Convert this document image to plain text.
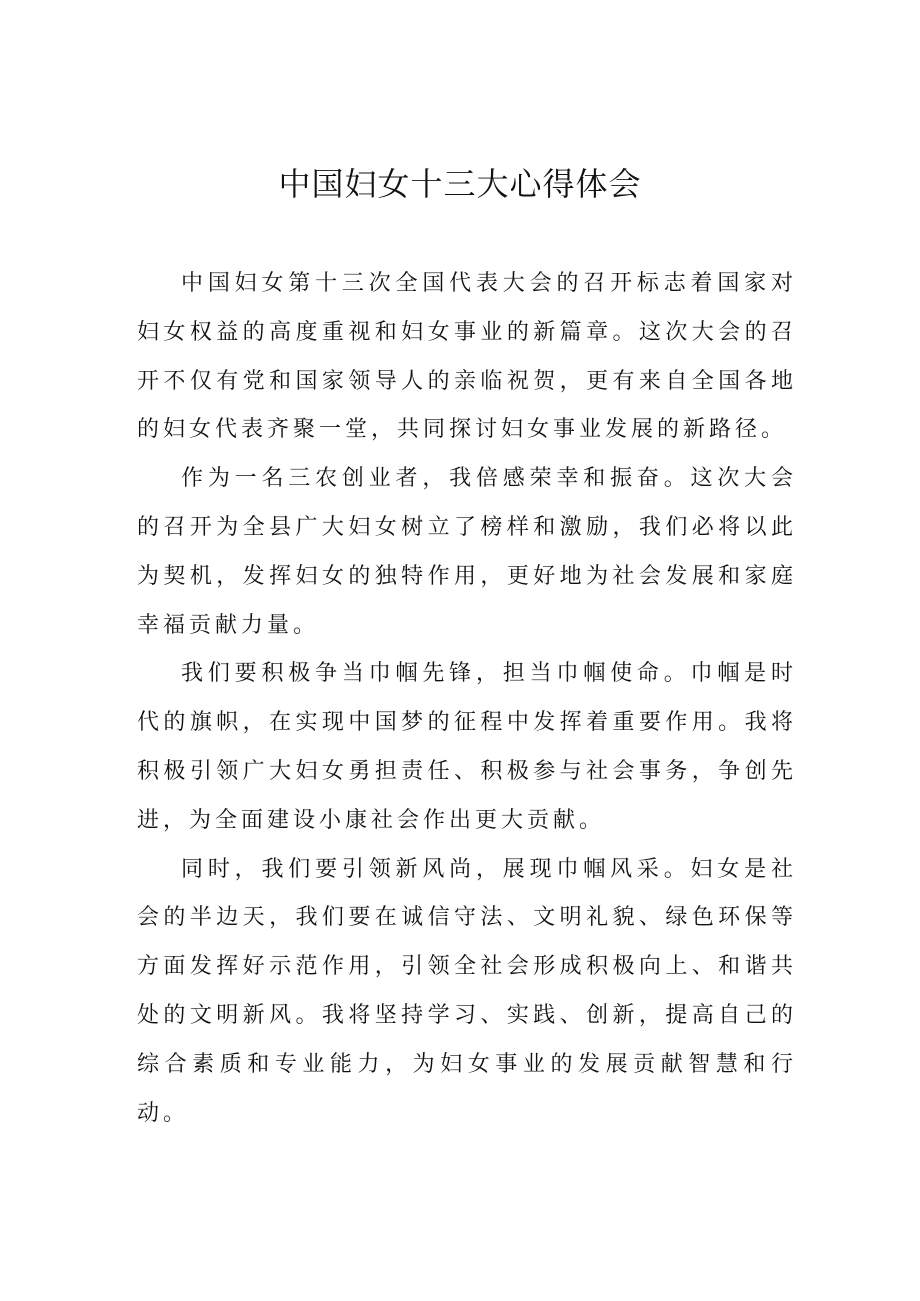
中国妇女十三大心得体会

中国妇女第十三次全国代表大会的召开标志着国家对妇女权益的高度重视和妇女事业的新篇章。这次大会的召开不仅有党和国家领导人的亲临祝贺，更有来自全国各地的妇女代表齐聚一堂，共同探讨妇女事业发展的新路径。

作为一名三农创业者，我倍感荣幸和振奋。这次大会的召开为全县广大妇女树立了榜样和激励，我们必将以此为契机，发挥妇女的独特作用，更好地为社会发展和家庭幸福贡献力量。

我们要积极争当巾帼先锋，担当巾帼使命。巾帼是时代的旗帜，在实现中国梦的征程中发挥着重要作用。我将积极引领广大妇女勇担责任、积极参与社会事务，争创先进，为全面建设小康社会作出更大贡献。

同时，我们要引领新风尚，展现巾帼风采。妇女是社会的半边天，我们要在诚信守法、文明礼貌、绿色环保等方面发挥好示范作用，引领全社会形成积极向上、和谐共处的文明新风。我将坚持学习、实践、创新，提高自己的综合素质和专业能力，为妇女事业的发展贡献智慧和行动。
